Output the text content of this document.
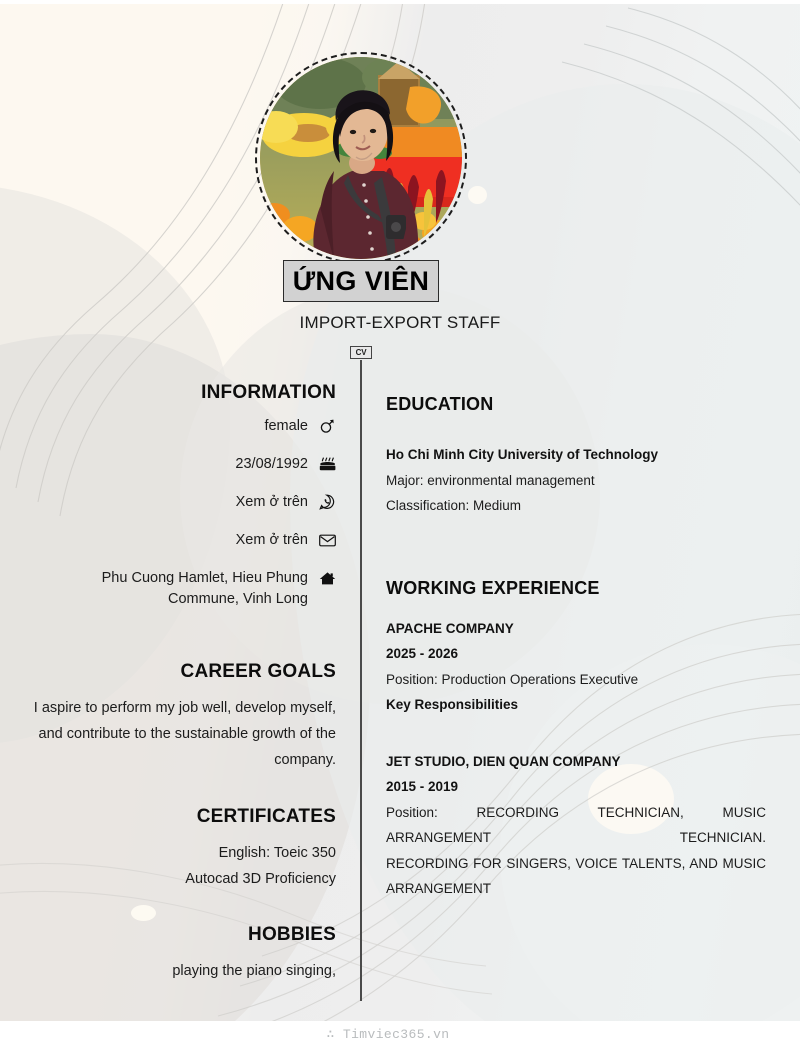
ỨNG VIÊN
IMPORT-EXPORT STAFF
CV
INFORMATION
female
23/08/1992
Xem ở trên
Xem ở trên
Phu Cuong Hamlet, Hieu Phung Commune, Vinh Long
CAREER GOALS

I aspire to perform my job well, develop myself, and contribute to the sustainable growth of the company.

CERTIFICATES
English: Toeic 350
Autocad 3D Proficiency
HOBBIES
playing the piano singing,
EDUCATION
Ho Chi Minh City University of Technology
Major: environmental management
Classification: Medium
WORKING EXPERIENCE
APACHE COMPANY
2025 - 2026
Position: Production Operations Executive
Key Responsibilities
JET STUDIO, DIEN QUAN COMPANY
2015 - 2019
Position: RECORDING TECHNICIAN, MUSIC ARRANGEMENT TECHNICIAN.
RECORDING FOR SINGERS, VOICE TALENTS, AND MUSIC ARRANGEMENT
∴ Timviec365.vn
